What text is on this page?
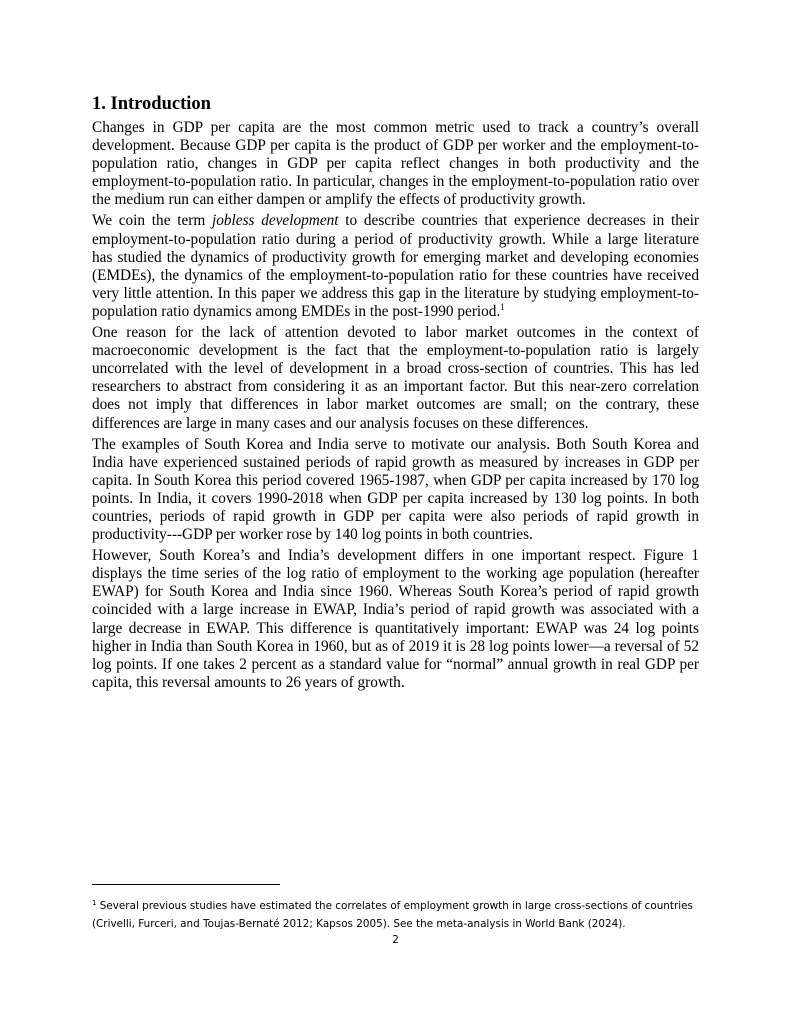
1. Introduction

Changes in GDP per capita are the most common metric used to track a country’s overall development. Because GDP per capita is the product of GDP per worker and the employment-to-population ratio, changes in GDP per capita reflect changes in both productivity and the employment-to-population ratio. In particular, changes in the employment-to-population ratio over the medium run can either dampen or amplify the effects of productivity growth.

We coin the term jobless development to describe countries that experience decreases in their employment-to-population ratio during a period of productivity growth. While a large literature has studied the dynamics of productivity growth for emerging market and developing economies (EMDEs), the dynamics of the employment-to-population ratio for these countries have received very little attention. In this paper we address this gap in the literature by studying employment-to-population ratio dynamics among EMDEs in the post-1990 period.$^1$

One reason for the lack of attention devoted to labor market outcomes in the context of macroeconomic development is the fact that the employment-to-population ratio is largely uncorrelated with the level of development in a broad cross-section of countries. This has led researchers to abstract from considering it as an important factor. But this near-zero correlation does not imply that differences in labor market outcomes are small; on the contrary, these differences are large in many cases and our analysis focuses on these differences.

The examples of South Korea and India serve to motivate our analysis. Both South Korea and India have experienced sustained periods of rapid growth as measured by increases in GDP per capita. In South Korea this period covered 1965-1987, when GDP per capita increased by 170 log points. In India, it covers 1990-2018 when GDP per capita increased by 130 log points. In both countries, periods of rapid growth in GDP per capita were also periods of rapid growth in productivity---GDP per worker rose by 140 log points in both countries.

However, South Korea’s and India’s development differs in one important respect. Figure 1 displays the time series of the log ratio of employment to the working age population (hereafter EWAP) for South Korea and India since 1960. Whereas South Korea’s period of rapid growth coincided with a large increase in EWAP, India’s period of rapid growth was associated with a large decrease in EWAP. This difference is quantitatively important: EWAP was 24 log points higher in India than South Korea in 1960, but as of 2019 it is 28 log points lower—a reversal of 52 log points. If one takes 2 percent as a standard value for “normal” annual growth in real GDP per capita, this reversal amounts to 26 years of growth.

$^1$ Several previous studies have estimated the correlates of employment growth in large cross-sections of countries
(Crivelli, Furceri, and Toujas-Bernaté 2012; Kapsos 2005). See the meta-analysis in World Bank (2024).

2
